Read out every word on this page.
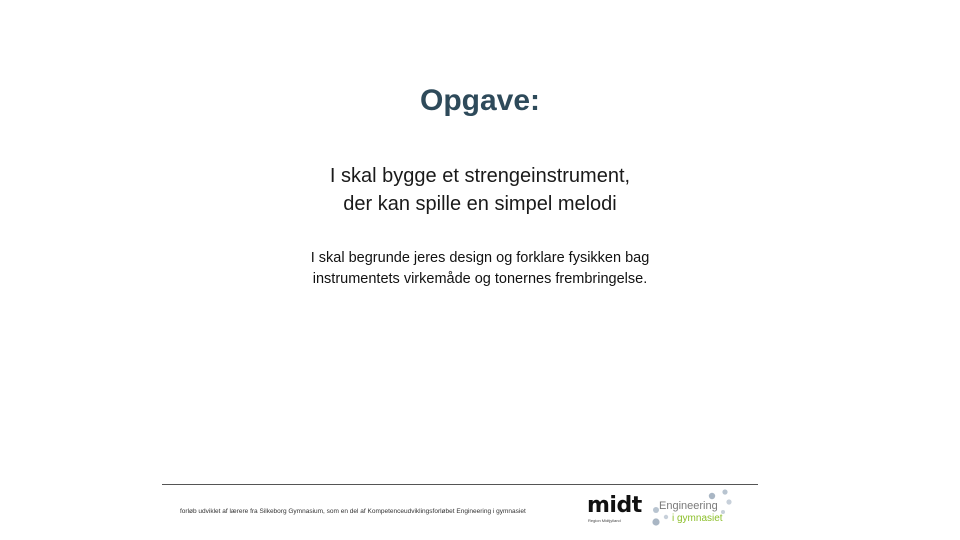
Opgave:
I skal bygge et strengeinstrument,
der kan spille en simpel melodi
I skal begrunde jeres design og forklare fysikken bag
instrumentets virkemåde og tonernes frembringelse.
forløb udviklet af lærere fra Silkeborg Gymnasium, som en del af Kompetenceudviklingsforløbet Engineering i gymnasiet	midt
Region Midtjylland
Engineering
i gymnasiet
